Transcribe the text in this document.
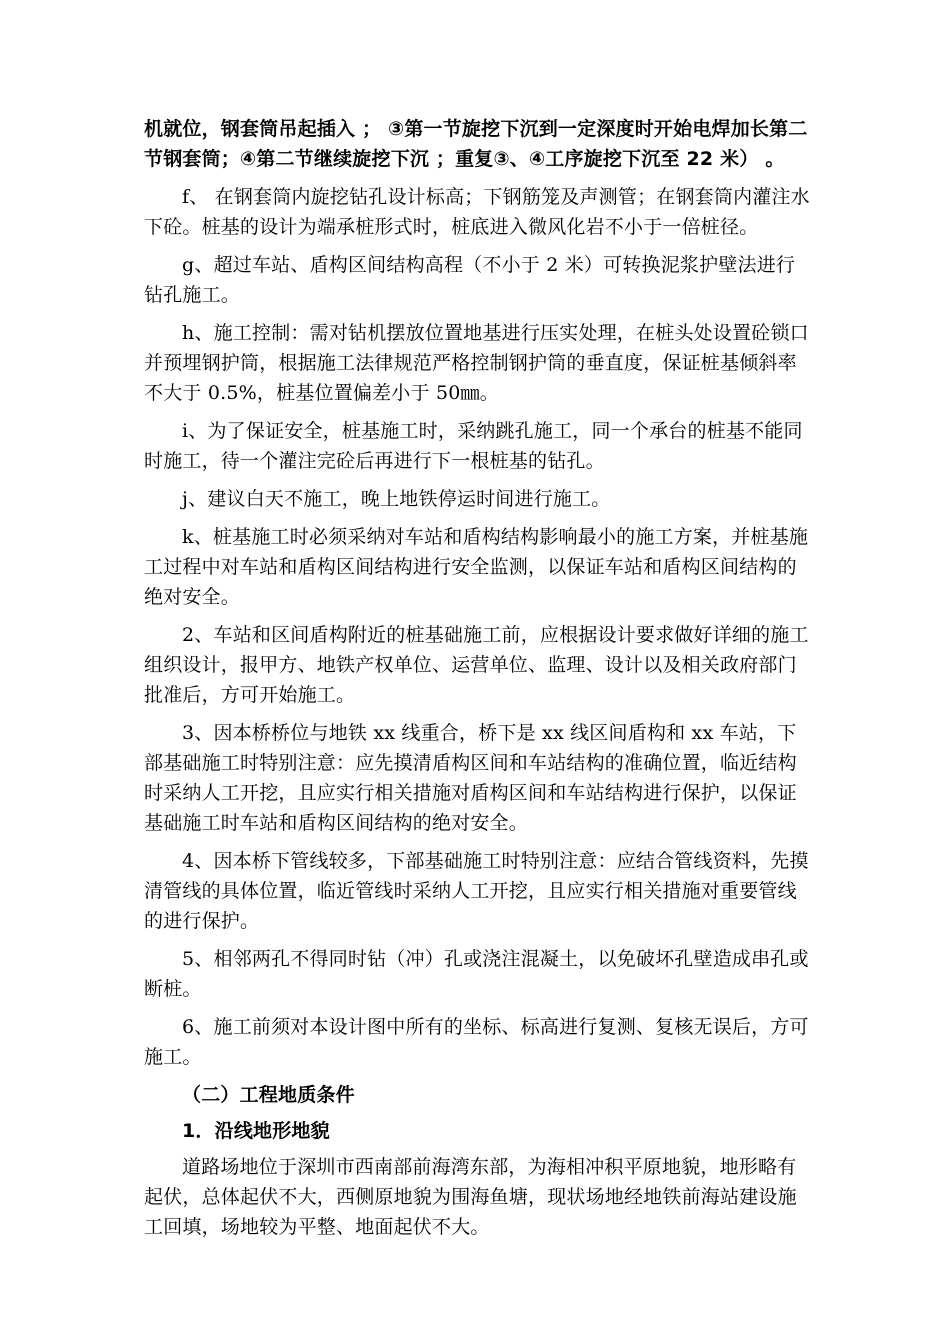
机就位，钢套筒吊起插入 ； ③第一节旋挖下沉到一定深度时开始电焊加长第二节钢套筒；④第二节继续旋挖下沉 ；重复③、④工序旋挖下沉至 22 米） 。

f、 在钢套筒内旋挖钻孔设计标高；下钢筋笼及声测管；在钢套筒内灌注水下砼。桩基的设计为端承桩形式时，桩底进入微风化岩不小于一倍桩径。

g、超过车站、盾构区间结构高程（不小于 2 米）可转换泥浆护壁法进行钻孔施工。

h、施工控制：需对钻机摆放位置地基进行压实处理，在桩头处设置砼锁口并预埋钢护筒，根据施工法律规范严格控制钢护筒的垂直度，保证桩基倾斜率不大于 0.5%，桩基位置偏差小于 50㎜。

i、为了保证安全，桩基施工时，采纳跳孔施工，同一个承台的桩基不能同时施工，待一个灌注完砼后再进行下一根桩基的钻孔。

j、建议白天不施工，晚上地铁停运时间进行施工。

k、桩基施工时必须采纳对车站和盾构结构影响最小的施工方案，并桩基施工过程中对车站和盾构区间结构进行安全监测，以保证车站和盾构区间结构的绝对安全。

2、车站和区间盾构附近的桩基础施工前，应根据设计要求做好详细的施工组织设计，报甲方、地铁产权单位、运营单位、监理、设计以及相关政府部门批准后，方可开始施工。

3、因本桥桥位与地铁 xx 线重合，桥下是 xx 线区间盾构和 xx 车站，下部基础施工时特别注意：应先摸清盾构区间和车站结构的准确位置，临近结构时采纳人工开挖，且应实行相关措施对盾构区间和车站结构进行保护，以保证基础施工时车站和盾构区间结构的绝对安全。

4、因本桥下管线较多，下部基础施工时特别注意：应结合管线资料，先摸清管线的具体位置，临近管线时采纳人工开挖，且应实行相关措施对重要管线的进行保护。

5、相邻两孔不得同时钻（冲）孔或浇注混凝土，以免破坏孔壁造成串孔或断桩。

6、施工前须对本设计图中所有的坐标、标高进行复测、复核无误后，方可施工。

（二）工程地质条件

1．沿线地形地貌

道路场地位于深圳市西南部前海湾东部，为海相冲积平原地貌，地形略有起伏，总体起伏不大，西侧原地貌为围海鱼塘，现状场地经地铁前海站建设施工回填，场地较为平整、地面起伏不大。
